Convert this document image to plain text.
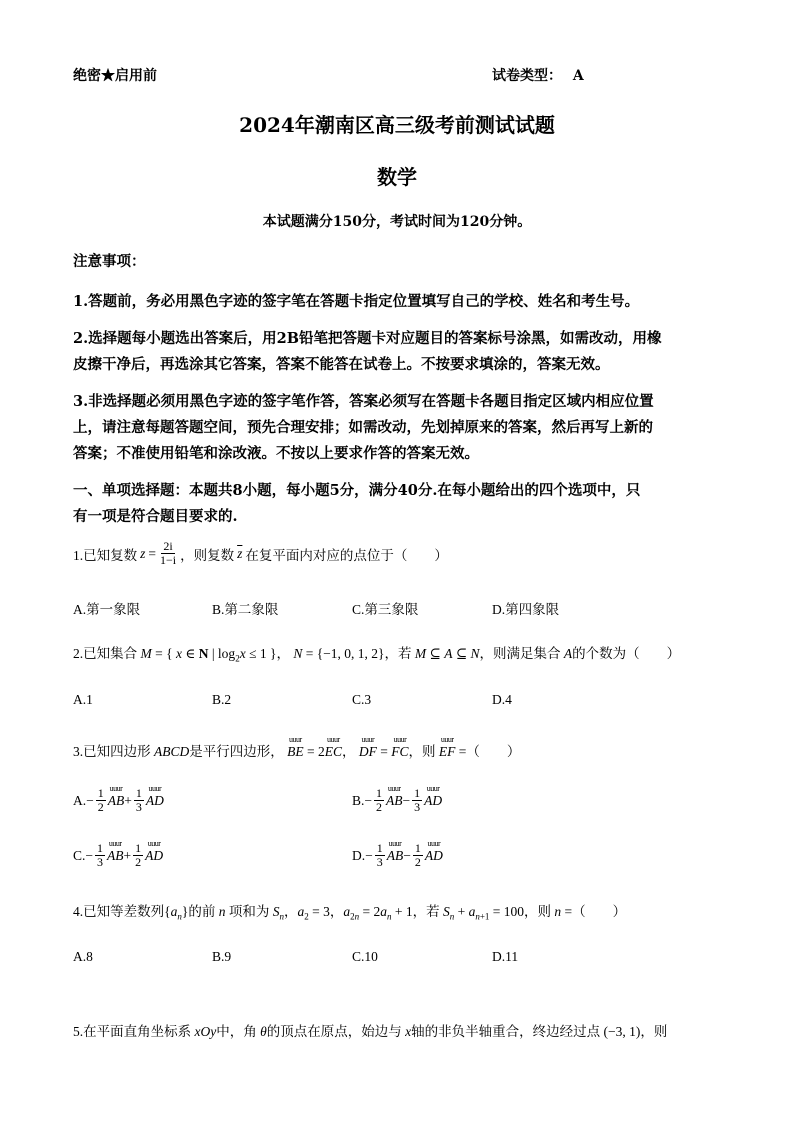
绝密★启用前	试卷类型： A
2024年潮南区高三级考前测试试题
数学
本试题满分150分，考试时间为120分钟。
注意事项：
1.答题前，务必用黑色字迹的签字笔在答题卡指定位置填写自己的学校、姓名和考生号。
2.选择题每小题选出答案后，用2B铅笔把答题卡对应题目的答案标号涂黑，如需改动，用橡
皮擦干净后，再选涂其它答案，答案不能答在试卷上。不按要求填涂的，答案无效。
3.非选择题必须用黑色字迹的签字笔作答，答案必须写在答题卡各题目指定区域内相应位置
上，请注意每题答题空间，预先合理安排；如需改动，先划掉原来的答案，然后再写上新的
答案；不准使用铅笔和涂改液。不按以上要求作答的答案无效。
一、单项选择题：本题共8小题，每小题5分，满分40分.在每小题给出的四个选项中，只
有一项是符合题目要求的.
1.已知复数 $z = \frac{2i}{1-i}$ ，则复数 $\overline{z}$ 在复平面内对应的点位于（　　）
A.第一象限	B.第二象限	C.第三象限	D.第四象限
2.已知集合 M = { x ∈ N | $\log_2x \le 1$ }， N = {−1, 0, 1, 2}，若 M ⊆ A ⊆ N，则满足集合 A的个数为（　　）
A.1	B.2	C.3	D.4
3.已知四边形 ABCD是平行四边形， uuur BE = 2uuur EC， uuur DF = uuur FC，则 uuur EF =（　　）
$A.- \frac{1}{2}$ uuur AB + $\frac{1}{3}$ uuur AD	$B.- \frac{1}{2}$ uuur AB − $\frac{1}{3}$ uuur AD
$C.- \frac{1}{3}$ uuur AB + $\frac{1}{2}$ uuur AD	$D.- \frac{1}{3}$ uuur AB − $\frac{1}{2}$ uuur AD
4.已知等差数列$\{a_n\}$的前 n 项和为 $S_n$，$a_2 = 3$，$a_{2n} = 2a_n + 1$，若 $S_n + a_{n+1} = 100$，则 n =（　　）
A.8	B.9	C.10	D.11
5.在平面直角坐标系 xOy中，角 θ的顶点在原点，始边与 x轴的非负半轴重合，终边经过点 (−3, 1)，则
